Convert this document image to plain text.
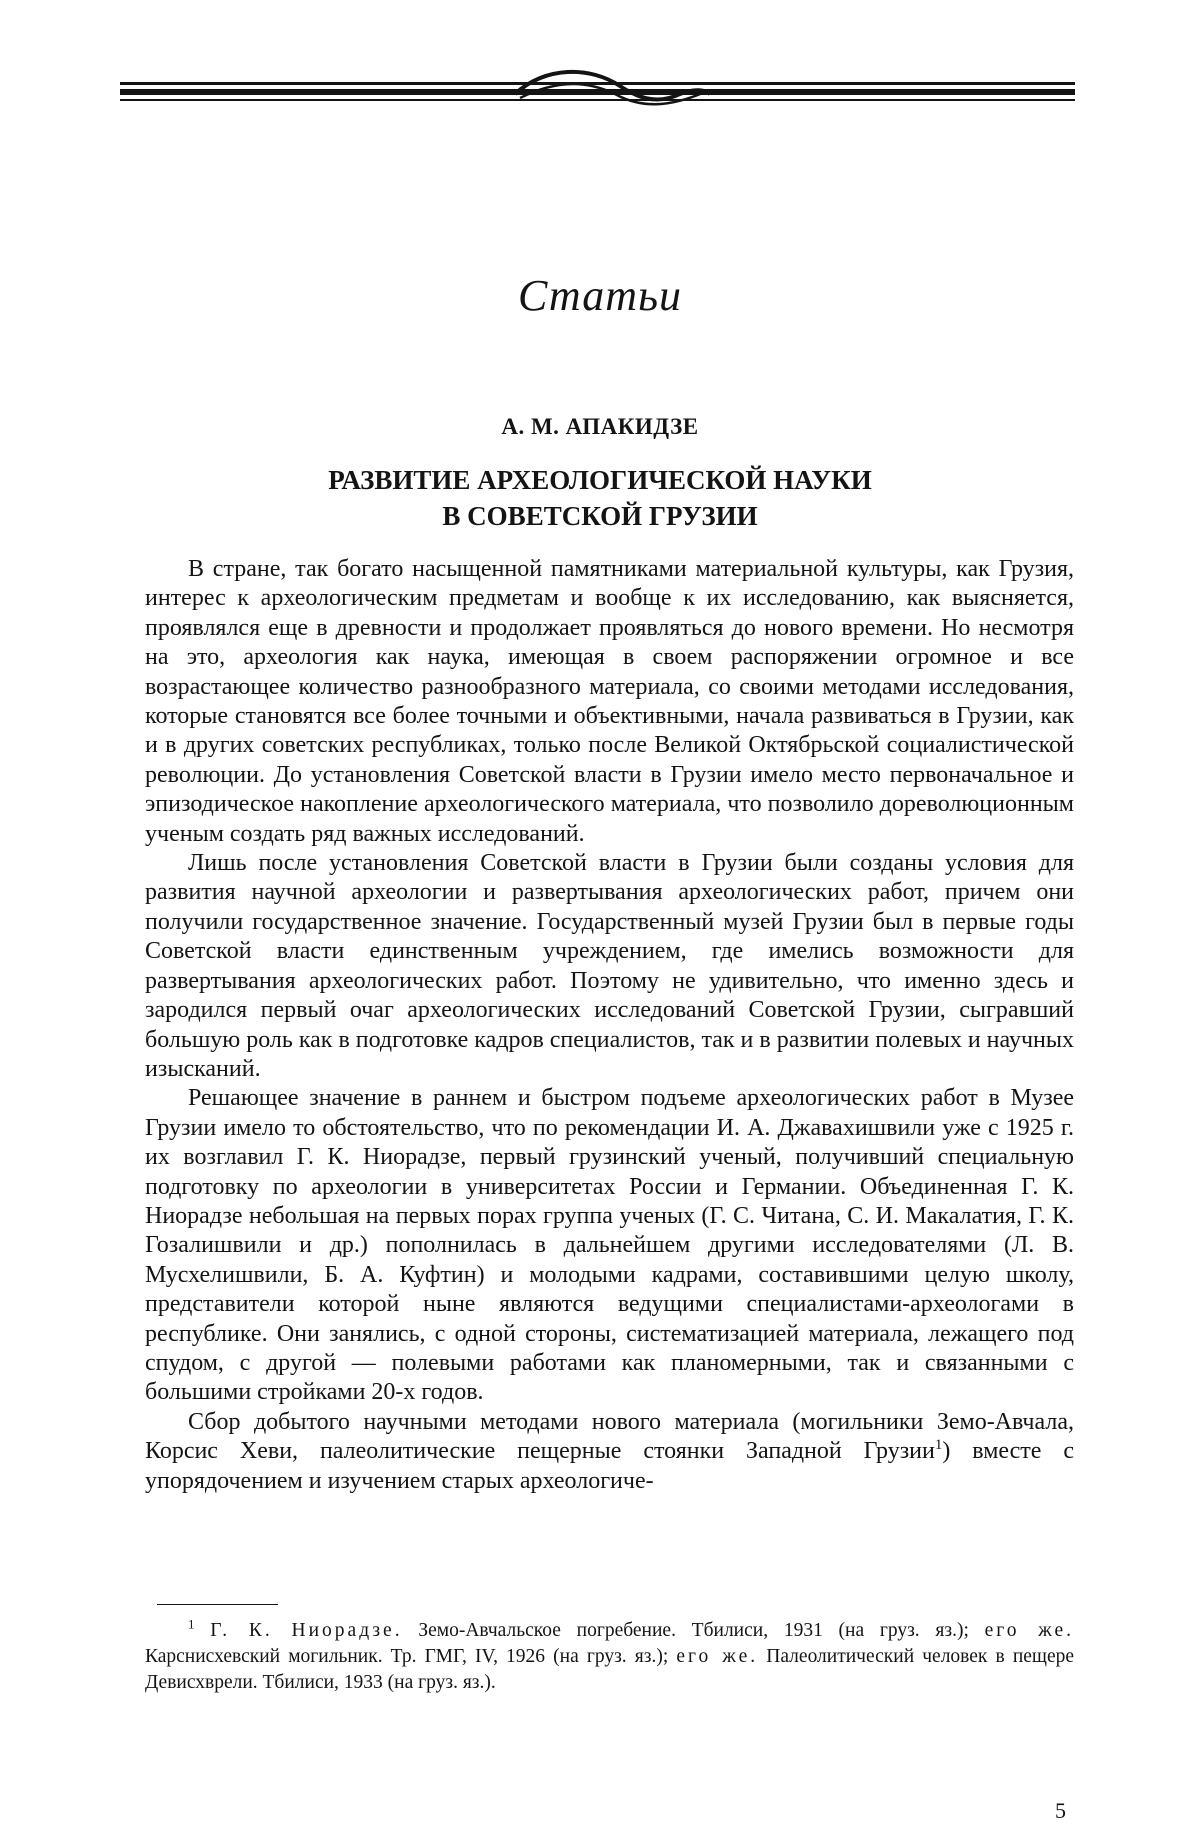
Статьи
А. М. АПАКИДЗЕ
РАЗВИТИЕ АРХЕОЛОГИЧЕСКОЙ НАУКИ
В СОВЕТСКОЙ ГРУЗИИ

В стране, так богато насыщенной памятниками материальной культуры, как Грузия, интерес к археологическим предметам и вообще к их исследованию, как выясняется, проявлялся еще в древности и продолжает проявляться до нового времени. Но несмотря на это, археология как наука, имеющая в своем распоряжении огромное и все возрастающее количество разнообразного материала, со своими методами исследования, которые становятся все более точными и объективными, начала развиваться в Грузии, как и в других советских республиках, только после Великой Октябрьской социалистической революции. До установления Советской власти в Грузии имело место первоначальное и эпизодическое накопление археологического материала, что позволило дореволюционным ученым создать ряд важных исследований.

Лишь после установления Советской власти в Грузии были созданы условия для развития научной археологии и развертывания археологических работ, причем они получили государственное значение. Государственный музей Грузии был в первые годы Советской власти единственным учреждением, где имелись возможности для развертывания археологических работ. Поэтому не удивительно, что именно здесь и зародился первый очаг археологических исследований Советской Грузии, сыгравший большую роль как в подготовке кадров специалистов, так и в развитии полевых и научных изысканий.

Решающее значение в раннем и быстром подъеме археологических работ в Музее Грузии имело то обстоятельство, что по рекомендации И. А. Джавахишвили уже с 1925 г. их возглавил Г. К. Ниорадзе, первый грузинский ученый, получивший специальную подготовку по археологии в университетах России и Германии. Объединенная Г. К. Ниорадзе небольшая на первых порах группа ученых (Г. С. Читана, С. И. Макалатия, Г. К. Гозалишвили и др.) пополнилась в дальнейшем другими исследователями (Л. В. Мусхелишвили, Б. А. Куфтин) и молодыми кадрами, составившими целую школу, представители которой ныне являются ведущими специалистами-археологами в республике. Они занялись, с одной стороны, систематизацией материала, лежащего под спудом, с другой — полевыми работами как планомерными, так и связанными с большими стройками 20-х годов.

Сбор добытого научными методами нового материала (могильники Земо-Авчала, Корсис Хеви, палеолитические пещерные стоянки Западной Грузии$^1$) вместе с упорядочением и изучением старых археологиче-

$^1$ Г. К. Ниорадзе. Земо-Авчальское погребение. Тбилиси, 1931 (на груз. яз.); его же. Карснисхевский могильник. Тр. ГМГ, IV, 1926 (на груз. яз.); его же. Палеолитический человек в пещере Девисхврели. Тбилиси, 1933 (на груз. яз.).

5
